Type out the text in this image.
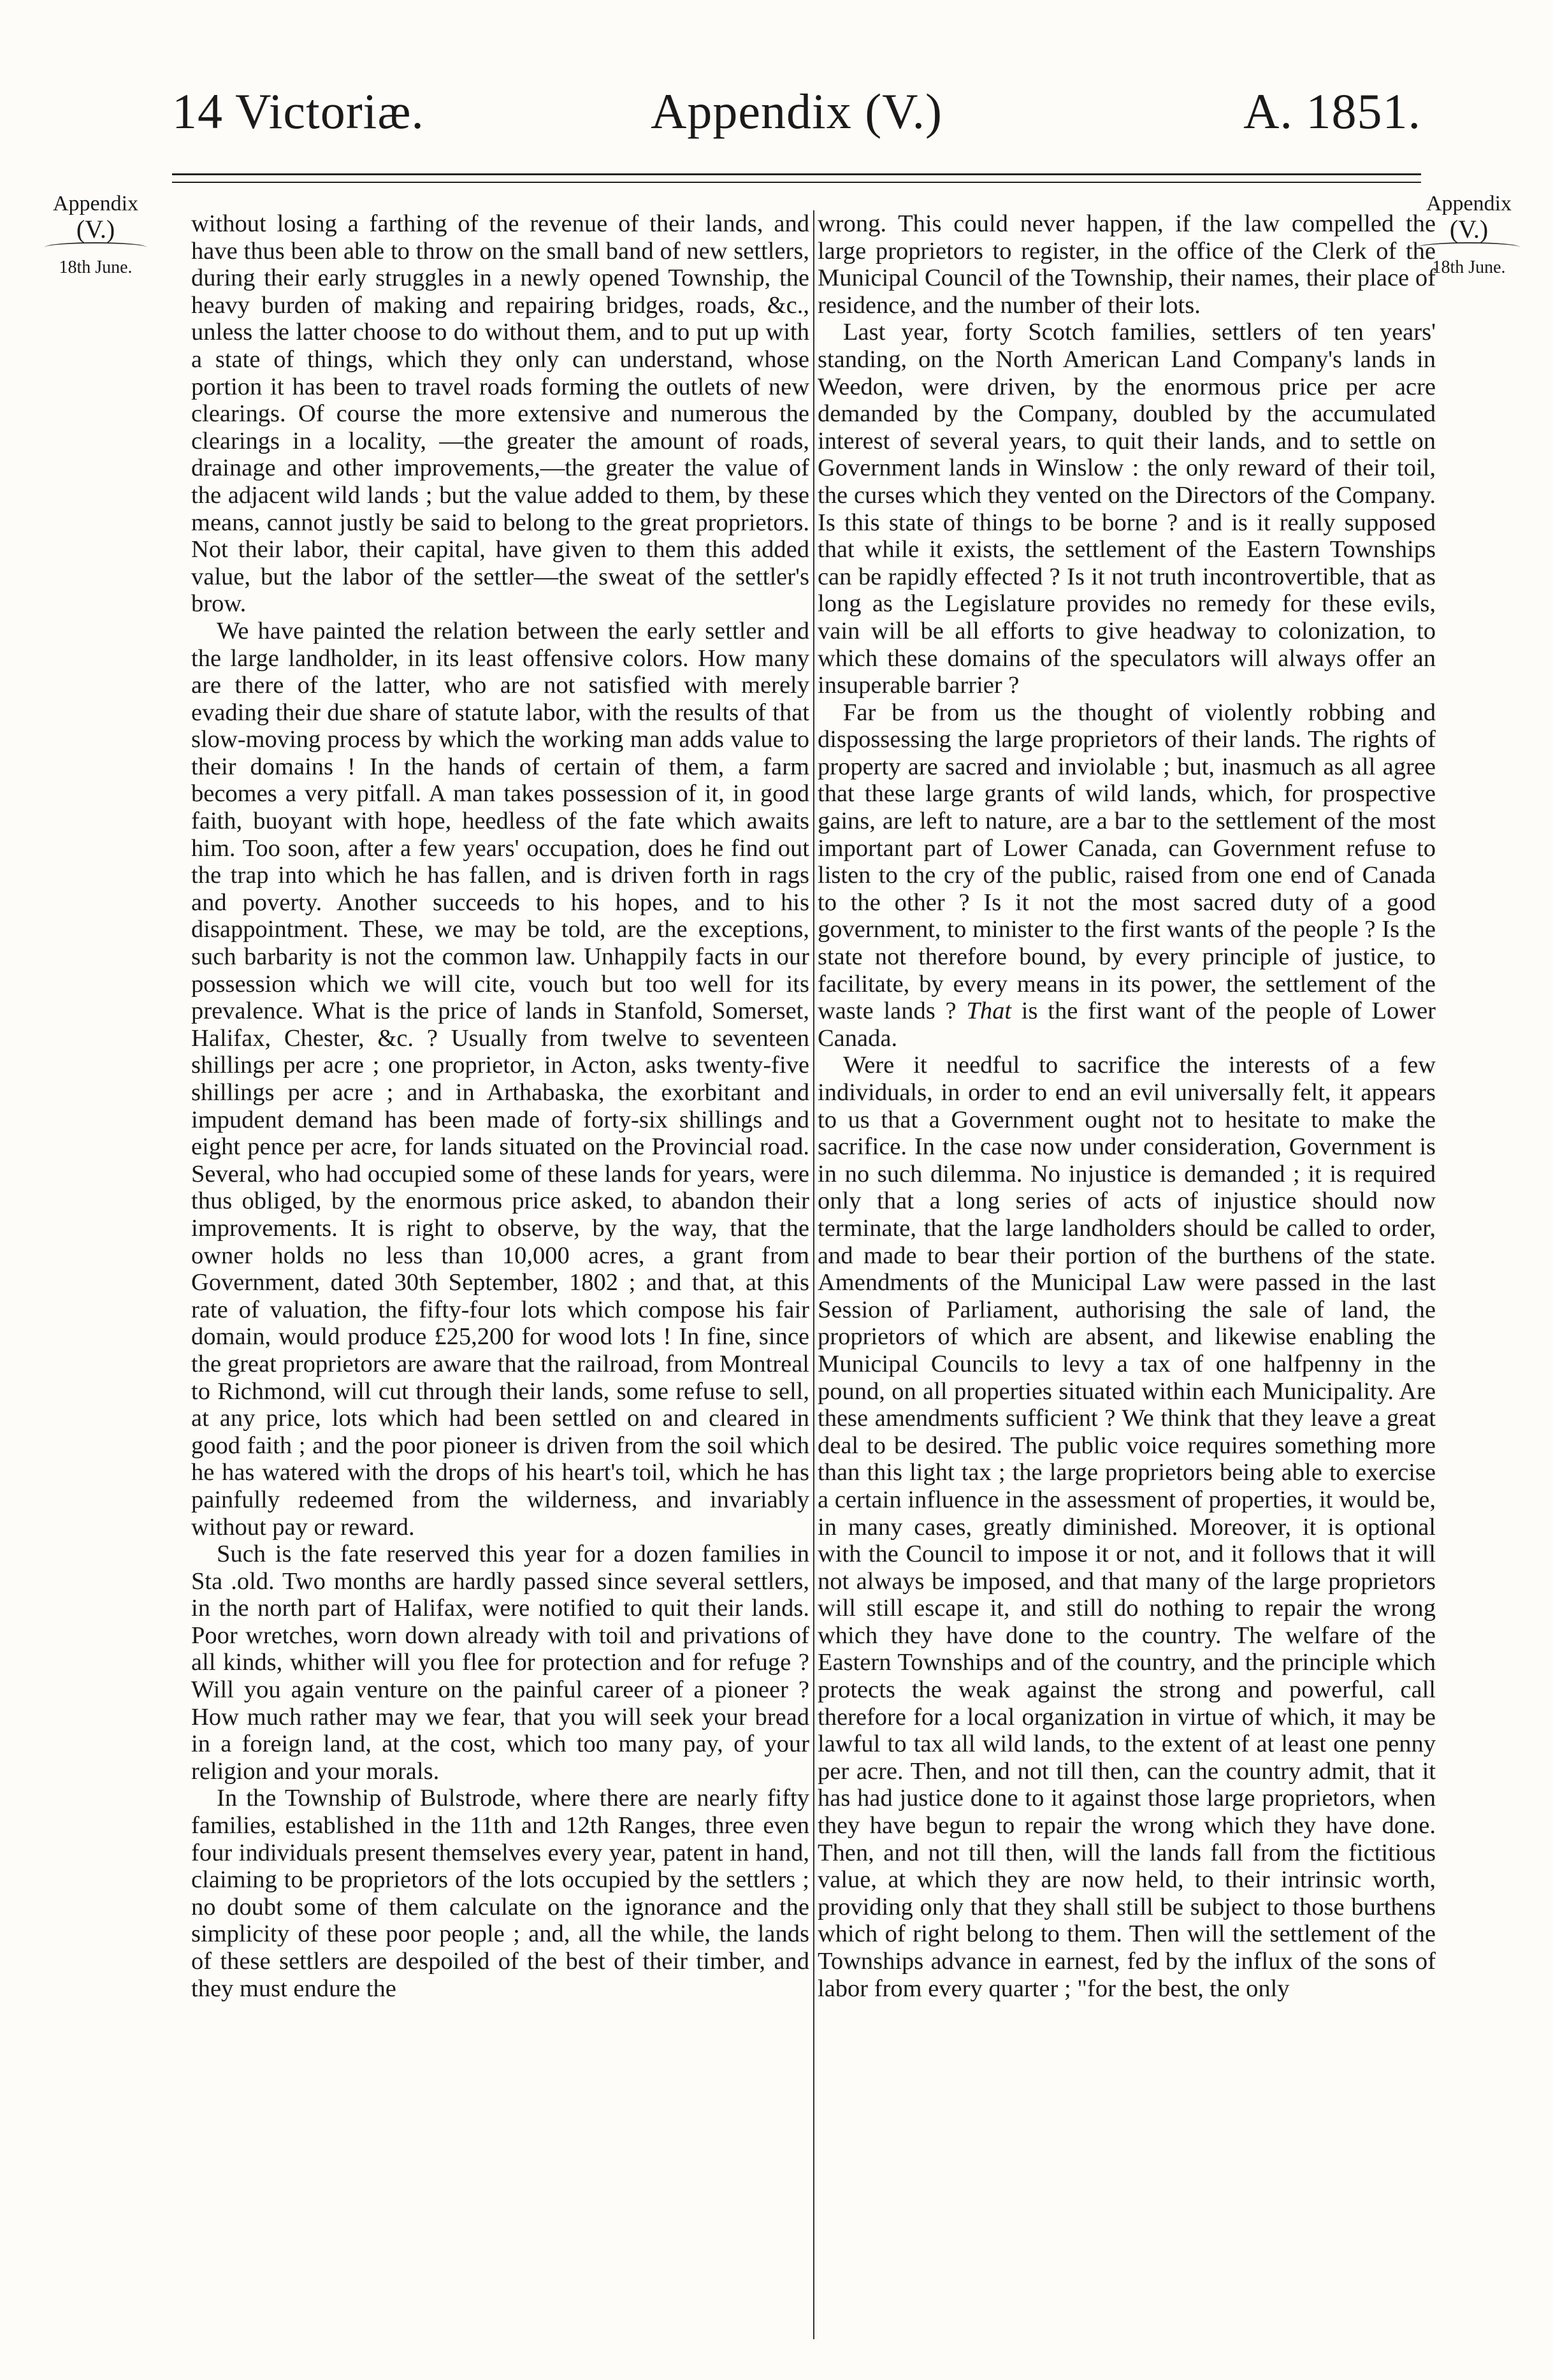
14 Victoriæ.	Appendix (V.)	A. 1851.
Appendix
(V.)
18th June.
Appendix
(V.)
18th June.

without losing a farthing of the revenue of their lands, and have thus been able to throw on the small band of new settlers, during their early struggles in a newly opened Township, the heavy burden of making and repairing bridges, roads, &c., unless the latter choose to do without them, and to put up with a state of things, which they only can understand, whose portion it has been to travel roads forming the outlets of new clearings. Of course the more extensive and numerous the clearings in a locality, —the greater the amount of roads, drainage and other improvements,—the greater the value of the adjacent wild lands ; but the value added to them, by these means, cannot justly be said to belong to the great proprietors. Not their labor, their capital, have given to them this added value, but the labor of the settler—the sweat of the settler's brow.

We have painted the relation between the early settler and the large landholder, in its least offensive colors. How many are there of the latter, who are not satisfied with merely evading their due share of statute labor, with the results of that slow-moving process by which the working man adds value to their domains ! In the hands of certain of them, a farm becomes a very pitfall. A man takes possession of it, in good faith, buoyant with hope, heedless of the fate which awaits him. Too soon, after a few years' occupation, does he find out the trap into which he has fallen, and is driven forth in rags and poverty. Another succeeds to his hopes, and to his disappointment. These, we may be told, are the exceptions, such barbarity is not the common law. Unhappily facts in our possession which we will cite, vouch but too well for its prevalence. What is the price of lands in Stanfold, Somerset, Halifax, Chester, &c. ? Usually from twelve to seventeen shillings per acre ; one proprietor, in Acton, asks twenty-five shillings per acre ; and in Arthabaska, the exorbitant and impudent demand has been made of forty-six shillings and eight pence per acre, for lands situated on the Provincial road. Several, who had occupied some of these lands for years, were thus obliged, by the enormous price asked, to abandon their improvements. It is right to observe, by the way, that the owner holds no less than 10,000 acres, a grant from Government, dated 30th September, 1802 ; and that, at this rate of valuation, the fifty-four lots which compose his fair domain, would produce £25,200 for wood lots ! In fine, since the great proprietors are aware that the railroad, from Montreal to Richmond, will cut through their lands, some refuse to sell, at any price, lots which had been settled on and cleared in good faith ; and the poor pioneer is driven from the soil which he has watered with the drops of his heart's toil, which he has painfully redeemed from the wilderness, and invariably without pay or reward.

Such is the fate reserved this year for a dozen families in Sta .old. Two months are hardly passed since several settlers, in the north part of Halifax, were notified to quit their lands. Poor wretches, worn down already with toil and privations of all kinds, whither will you flee for protection and for refuge ? Will you again venture on the painful career of a pioneer ? How much rather may we fear, that you will seek your bread in a foreign land, at the cost, which too many pay, of your religion and your morals.

In the Township of Bulstrode, where there are nearly fifty families, established in the 11th and 12th Ranges, three even four individuals present themselves every year, patent in hand, claiming to be proprietors of the lots occupied by the settlers ; no doubt some of them calculate on the ignorance and the simplicity of these poor people ; and, all the while, the lands of these settlers are despoiled of the best of their timber, and they must endure the

wrong. This could never happen, if the law compelled the large proprietors to register, in the office of the Clerk of the Municipal Council of the Township, their names, their place of residence, and the number of their lots.

Last year, forty Scotch families, settlers of ten years' standing, on the North American Land Company's lands in Weedon, were driven, by the enormous price per acre demanded by the Company, doubled by the accumulated interest of several years, to quit their lands, and to settle on Government lands in Winslow : the only reward of their toil, the curses which they vented on the Directors of the Company. Is this state of things to be borne ? and is it really supposed that while it exists, the settlement of the Eastern Townships can be rapidly effected ? Is it not truth incontrovertible, that as long as the Legislature provides no remedy for these evils, vain will be all efforts to give headway to colonization, to which these domains of the speculators will always offer an insuperable barrier ?

Far be from us the thought of violently robbing and dispossessing the large proprietors of their lands. The rights of property are sacred and inviolable ; but, inasmuch as all agree that these large grants of wild lands, which, for prospective gains, are left to nature, are a bar to the settlement of the most important part of Lower Canada, can Government refuse to listen to the cry of the public, raised from one end of Canada to the other ? Is it not the most sacred duty of a good government, to minister to the first wants of the people ? Is the state not therefore bound, by every principle of justice, to facilitate, by every means in its power, the settlement of the waste lands ? That is the first want of the people of Lower Canada.

Were it needful to sacrifice the interests of a few individuals, in order to end an evil universally felt, it appears to us that a Government ought not to hesitate to make the sacrifice. In the case now under consideration, Government is in no such dilemma. No injustice is demanded ; it is required only that a long series of acts of injustice should now terminate, that the large landholders should be called to order, and made to bear their portion of the burthens of the state. Amendments of the Municipal Law were passed in the last Session of Parliament, authorising the sale of land, the proprietors of which are absent, and likewise enabling the Municipal Councils to levy a tax of one halfpenny in the pound, on all properties situated within each Municipality. Are these amendments sufficient ? We think that they leave a great deal to be desired. The public voice requires something more than this light tax ; the large proprietors being able to exercise a certain influence in the assessment of properties, it would be, in many cases, greatly diminished. Moreover, it is optional with the Council to impose it or not, and it follows that it will not always be imposed, and that many of the large proprietors will still escape it, and still do nothing to repair the wrong which they have done to the country. The welfare of the Eastern Townships and of the country, and the principle which protects the weak against the strong and powerful, call therefore for a local organization in virtue of which, it may be lawful to tax all wild lands, to the extent of at least one penny per acre. Then, and not till then, can the country admit, that it has had justice done to it against those large proprietors, when they have begun to repair the wrong which they have done. Then, and not till then, will the lands fall from the fictitious value, at which they are now held, to their intrinsic worth, providing only that they shall still be subject to those burthens which of right belong to them. Then will the settlement of the Townships advance in earnest, fed by the influx of the sons of labor from every quarter ; "for the best, the only
